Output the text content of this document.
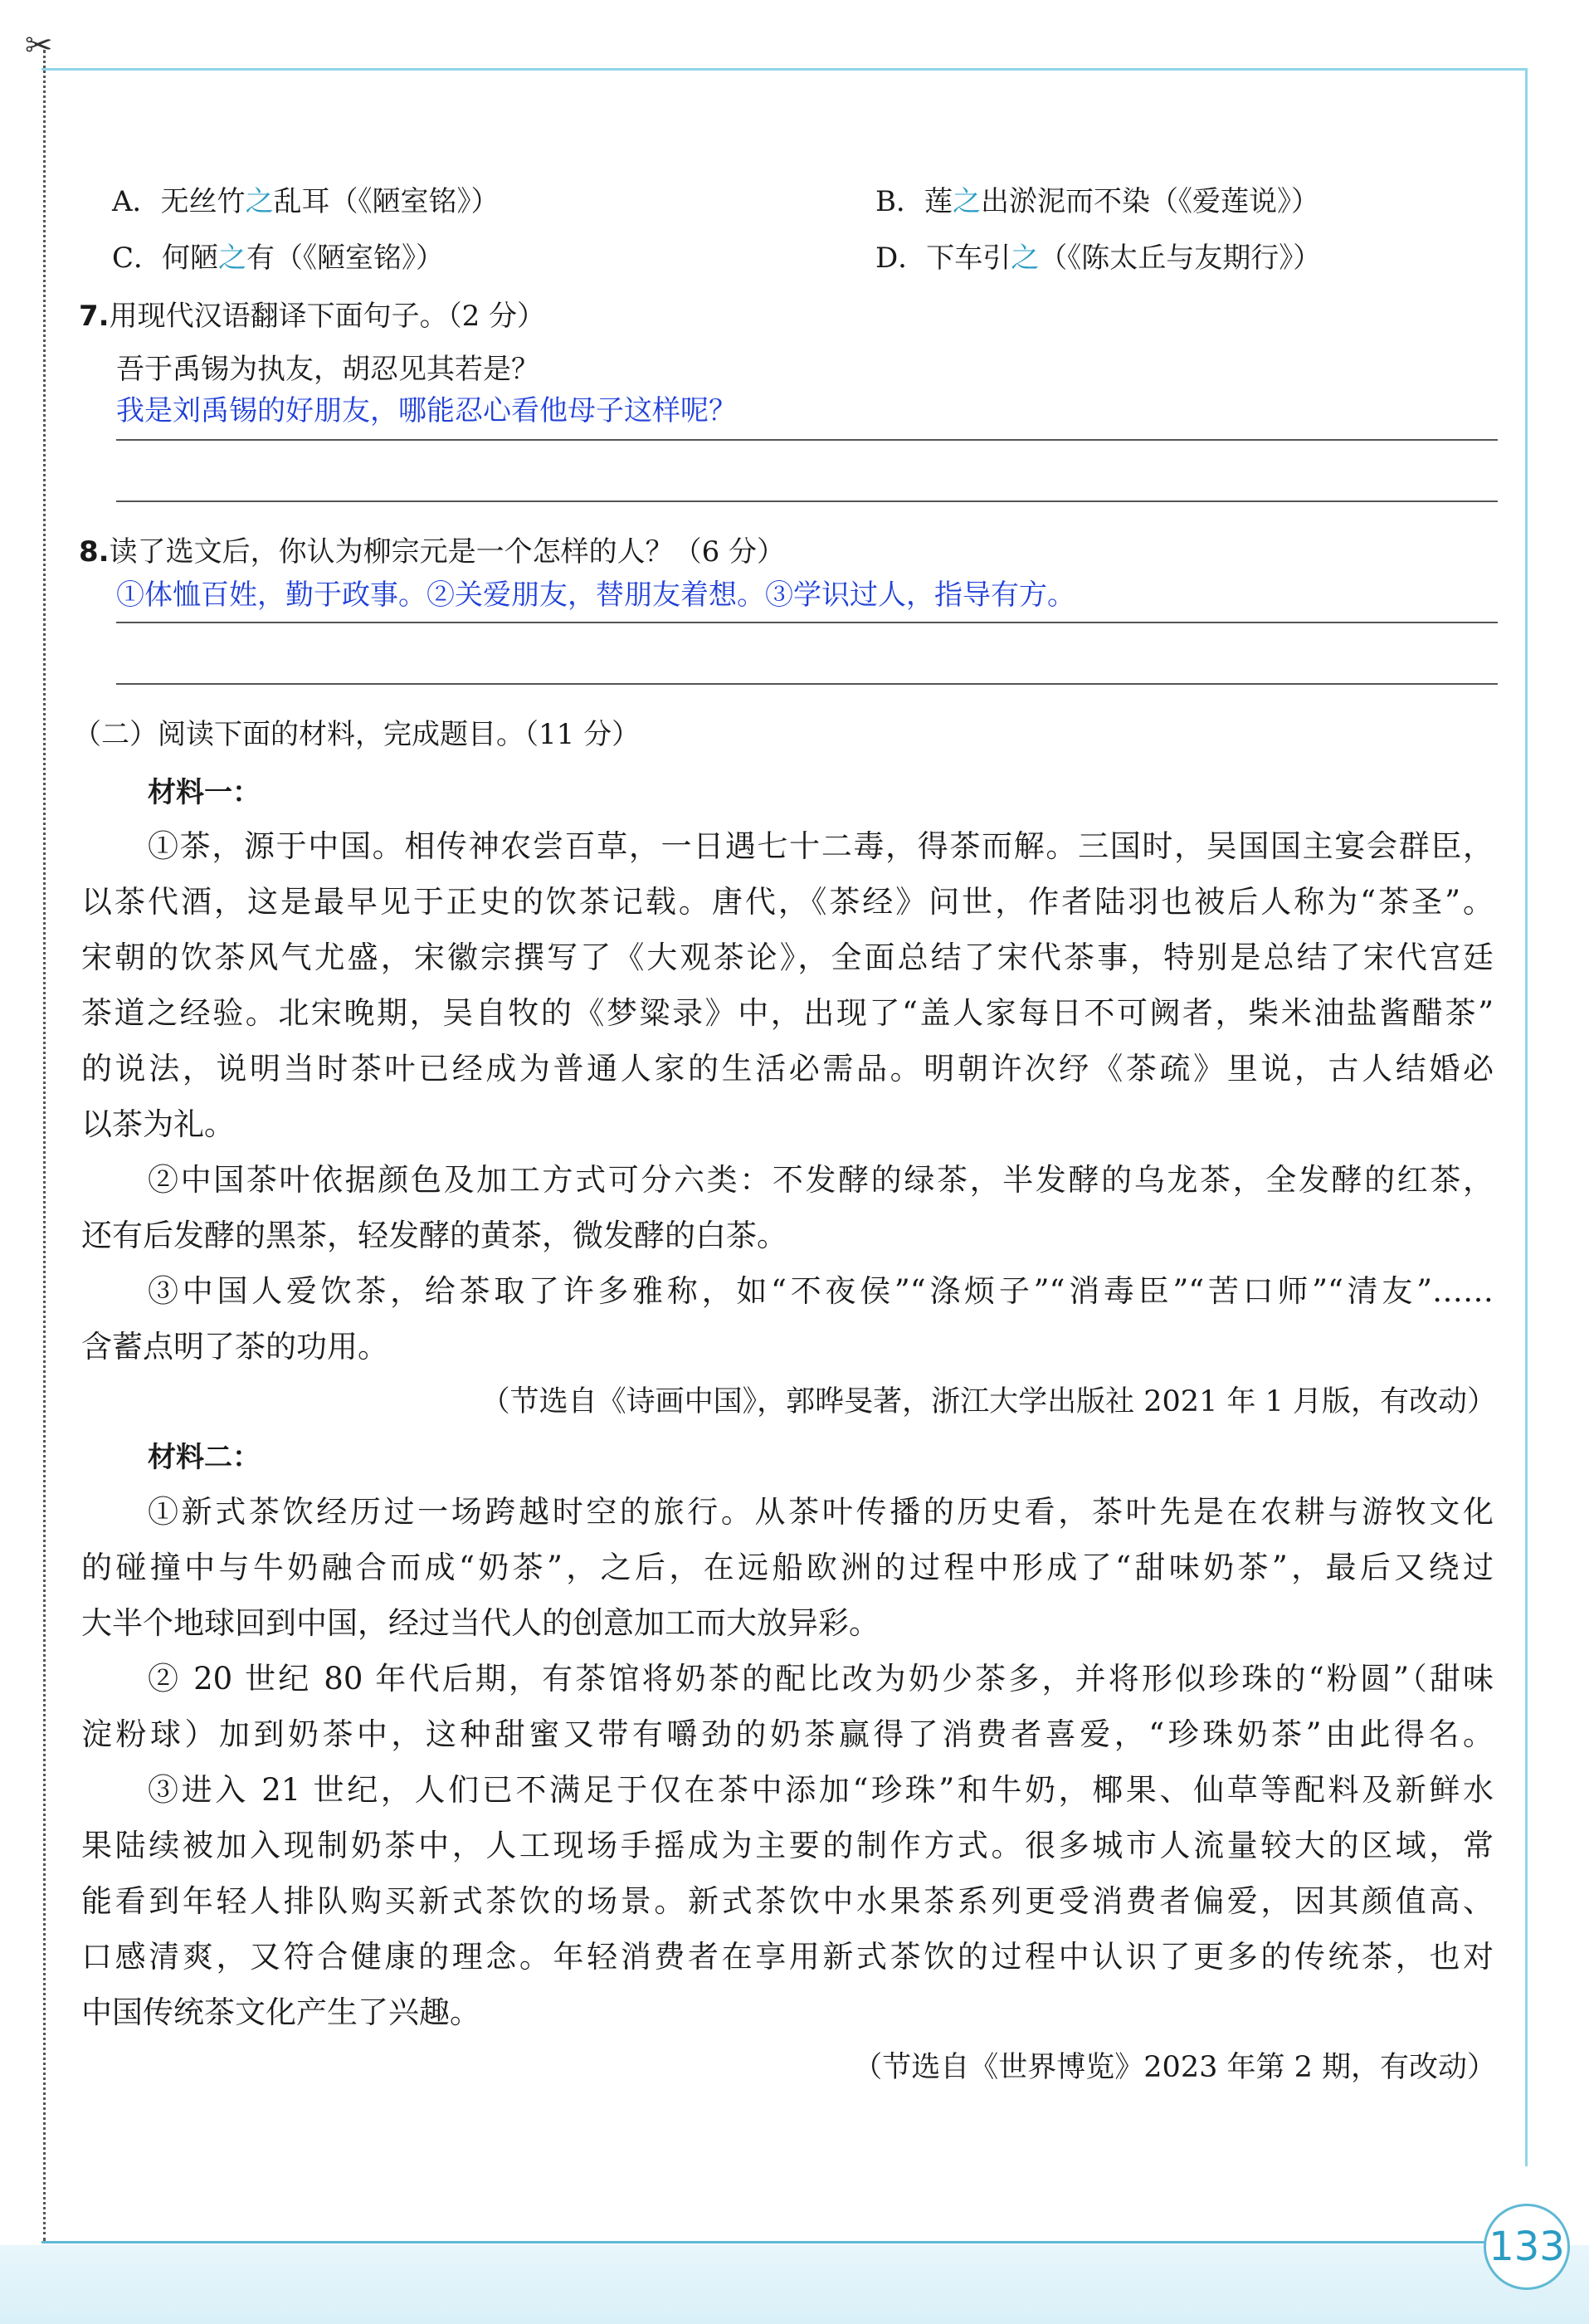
✂
133
A．无丝竹之乱耳（《陋室铭》）	B．莲之出淤泥而不染（《爱莲说》）
C．何陋之有（《陋室铭》）	D．下车引之（《陈太丘与友期行》）
7.用现代汉语翻译下面句子。（2 分）
吾于禹锡为执友，胡忍见其若是？
我是刘禹锡的好朋友，哪能忍心看他母子这样呢？
8.读了选文后，你认为柳宗元是一个怎样的人？（6 分）
①体恤百姓，勤于政事。②关爱朋友，替朋友着想。③学识过人，指导有方。
（二）阅读下面的材料，完成题目。（11 分）
材料一：
①茶，源于中国。相传神农尝百草，一日遇七十二毒，得茶而解。三国时，吴国国主宴会群臣，
以茶代酒，这是最早见于正史的饮茶记载。唐代，《茶经》问世，作者陆羽也被后人称为“茶圣”。
宋朝的饮茶风气尤盛，宋徽宗撰写了《大观茶论》，全面总结了宋代茶事，特别是总结了宋代宫廷
茶道之经验。北宋晚期，吴自牧的《梦粱录》中，出现了“盖人家每日不可阙者，柴米油盐酱醋茶”
的说法，说明当时茶叶已经成为普通人家的生活必需品。明朝许次纾《茶疏》里说，古人结婚必
以茶为礼。
②中国茶叶依据颜色及加工方式可分六类：不发酵的绿茶，半发酵的乌龙茶，全发酵的红茶，
还有后发酵的黑茶，轻发酵的黄茶，微发酵的白茶。
③中国人爱饮茶，给茶取了许多雅称，如“不夜侯”“涤烦子”“消毒臣”“苦口师”“清友”……
含蓄点明了茶的功用。
（节选自《诗画中国》，郭晔旻著，浙江大学出版社 2021 年 1 月版，有改动）
材料二：
①新式茶饮经历过一场跨越时空的旅行。从茶叶传播的历史看，茶叶先是在农耕与游牧文化
的碰撞中与牛奶融合而成“奶茶”，之后，在远船欧洲的过程中形成了“甜味奶茶”，最后又绕过
大半个地球回到中国，经过当代人的创意加工而大放异彩。
② 20 世纪 80 年代后期，有茶馆将奶茶的配比改为奶少茶多，并将形似珍珠的“粉圆”（甜味
淀粉球）加到奶茶中，这种甜蜜又带有嚼劲的奶茶赢得了消费者喜爱，“珍珠奶茶”由此得名。
③进入 21 世纪，人们已不满足于仅在茶中添加“珍珠”和牛奶，椰果、仙草等配料及新鲜水
果陆续被加入现制奶茶中，人工现场手摇成为主要的制作方式。很多城市人流量较大的区域，常
能看到年轻人排队购买新式茶饮的场景。新式茶饮中水果茶系列更受消费者偏爱，因其颜值高、
口感清爽，又符合健康的理念。年轻消费者在享用新式茶饮的过程中认识了更多的传统茶，也对
中国传统茶文化产生了兴趣。
（节选自《世界博览》2023 年第 2 期，有改动）
